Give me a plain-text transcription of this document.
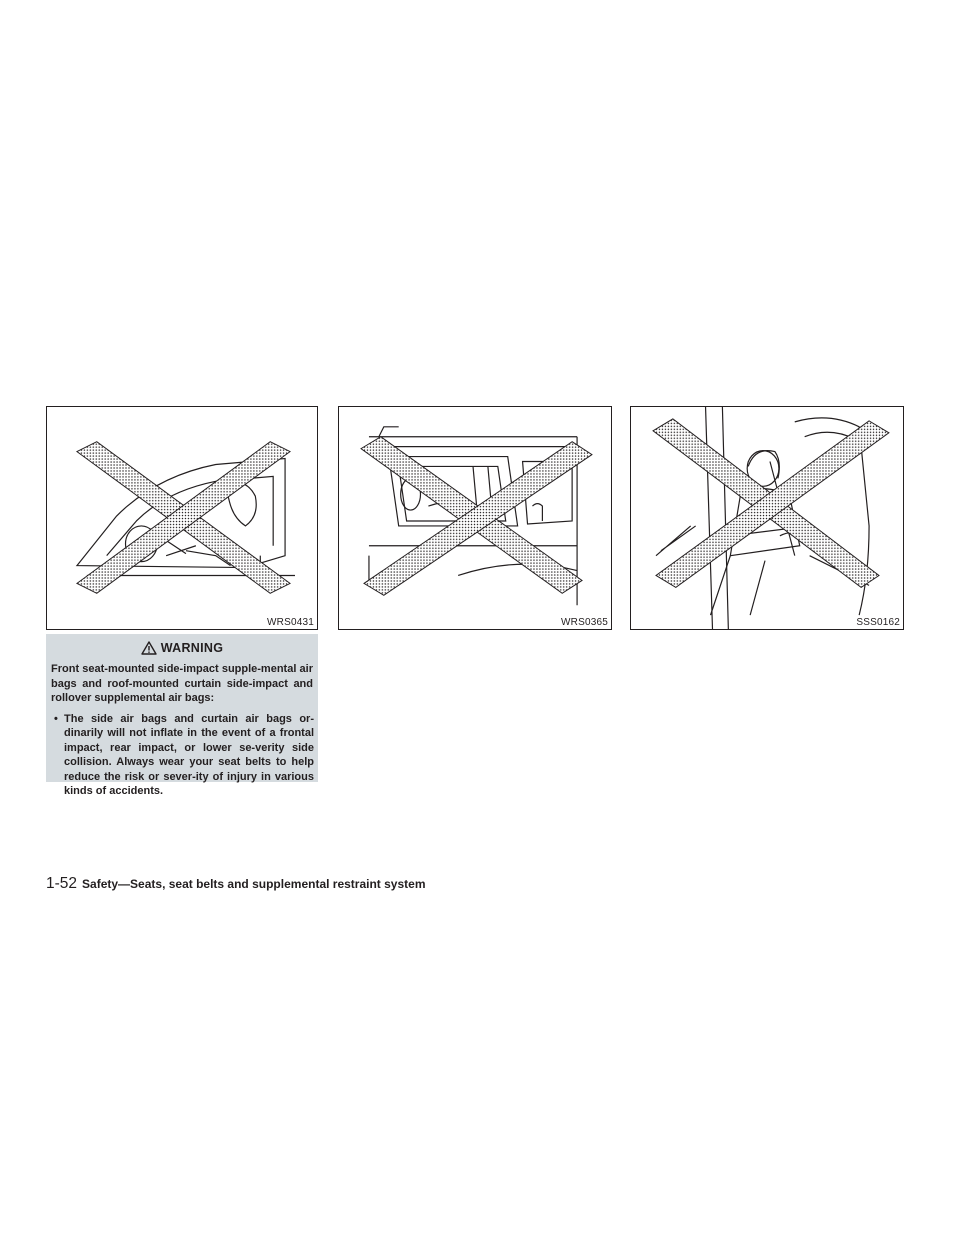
WRS0431	WRS0365	SSS0162
WARNING
Front seat-mounted side-impact supple-mental air bags and roof-mounted curtain side-impact and rollover supplemental air bags:
• The side air bags and curtain air bags or-dinarily will not inflate in the event of a frontal impact, rear impact, or lower se-verity side collision. Always wear your seat belts to help reduce the risk or sever-ity of injury in various kinds of accidents.
1-52 Safety—Seats, seat belts and supplemental restraint system
